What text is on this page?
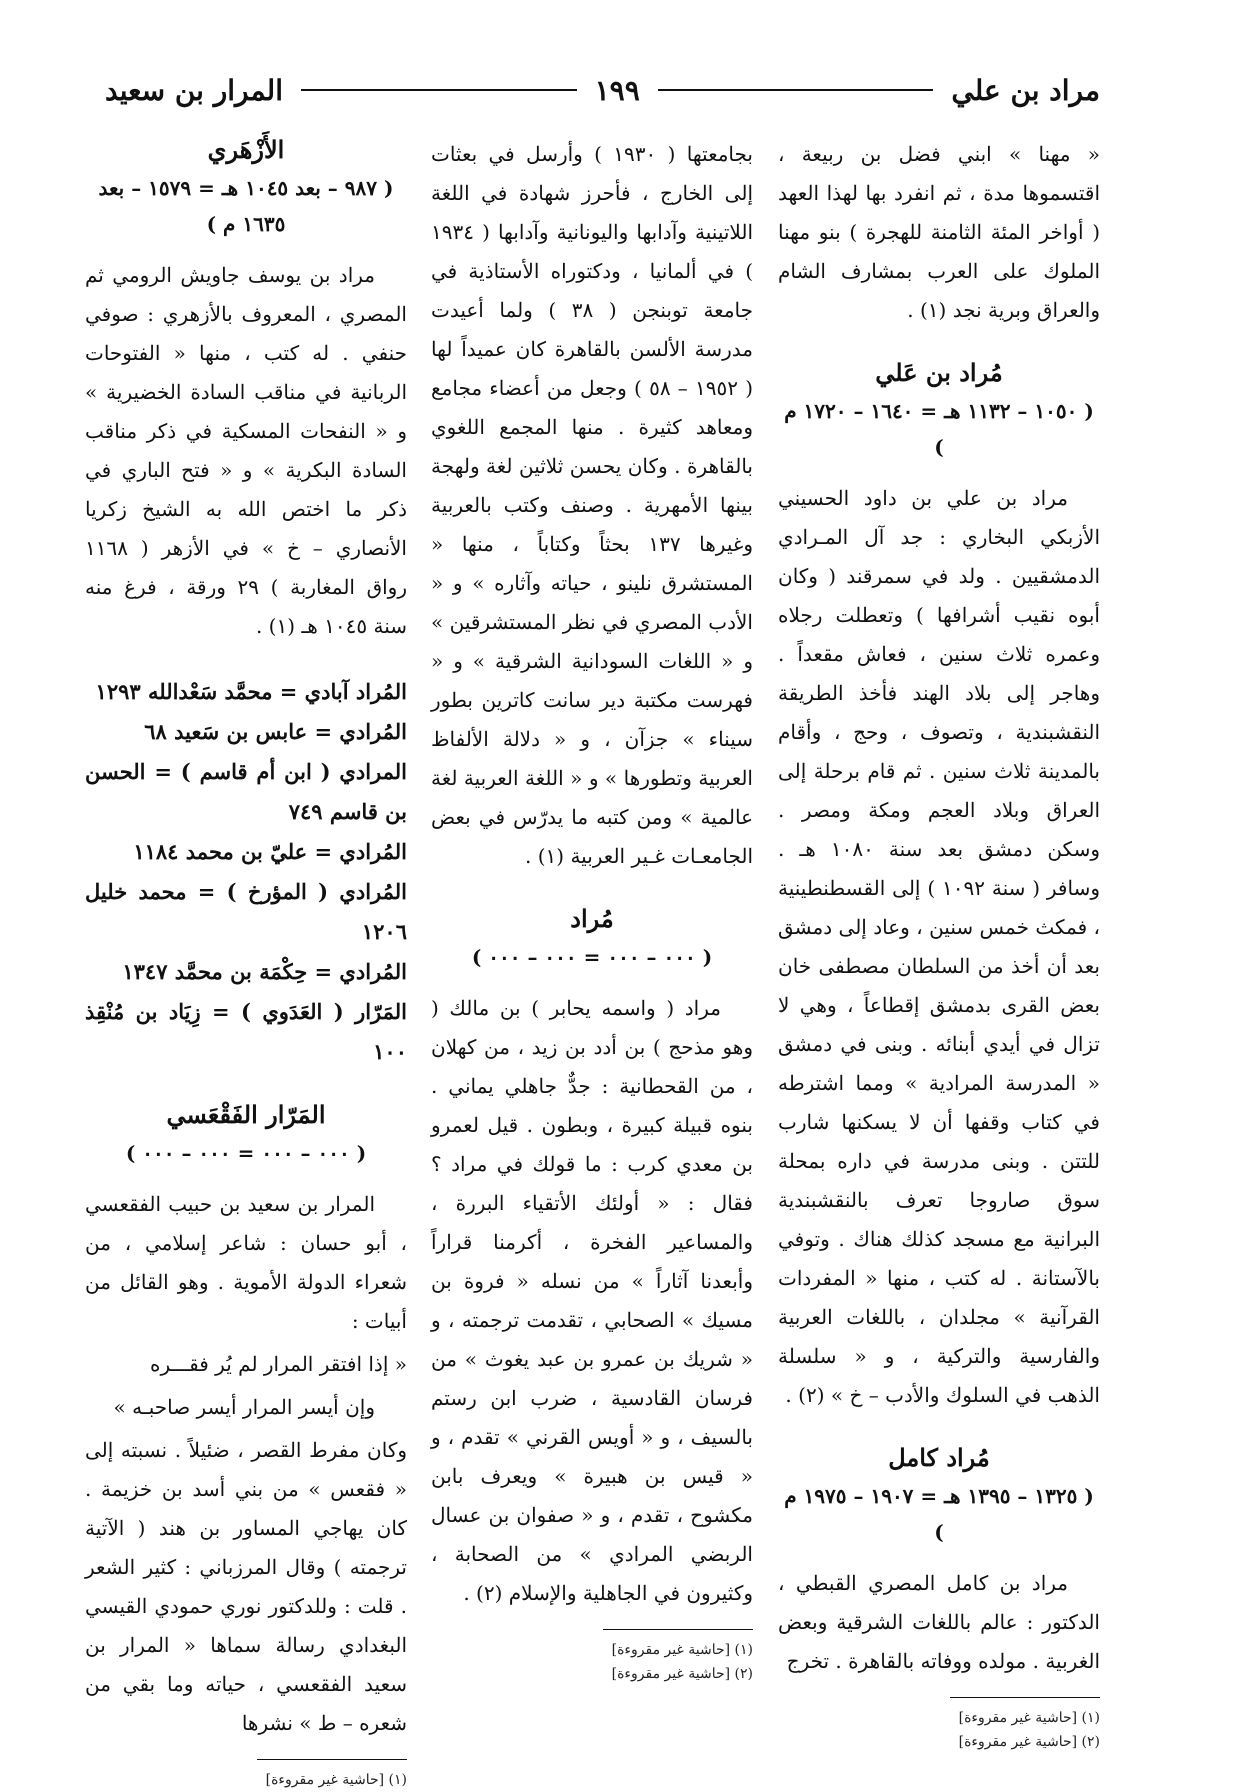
مراد بن علي
١٩٩
المرار بن سعيد

« مهنا » ابني فضل بن ربيعة ، اقتسموها مدة ، ثم انفرد بها لهذا العهد ( أواخر المئة الثامنة للهجرة ) بنو مهنا الملوك على العرب بمشارف الشام والعراق وبرية نجد (١) .

مُراد بن عَلي
( ١٠٥٠ – ١١٣٢ هـ = ١٦٤٠ – ١٧٢٠ م )

مراد بن علي بن داود الحسيني الأزبكي البخاري : جد آل المـرادي الدمشقيين . ولد في سمرقند ( وكان أبوه نقيب أشرافها ) وتعطلت رجلاه وعمره ثلاث سنين ، فعاش مقعداً . وهاجر إلى بلاد الهند فأخذ الطريقة النقشبندية ، وتصوف ، وحج ، وأقام بالمدينة ثلاث سنين . ثم قام برحلة إلى العراق وبلاد العجم ومكة ومصر . وسكن دمشق بعد سنة ١٠٨٠ هـ . وسافر ( سنة ١٠٩٢ ) إلى القسطنطينية ، فمكث خمس سنين ، وعاد إلى دمشق بعد أن أخذ من السلطان مصطفى خان بعض القرى بدمشق إقطاعاً ، وهي لا تزال في أيدي أبنائه . وبنى في دمشق « المدرسة المرادية » ومما اشترطه في كتاب وقفها أن لا يسكنها شارب للتتن . وبنى مدرسة في داره بمحلة سوق صاروجا تعرف بالنقشبندية البرانية مع مسجد كذلك هناك . وتوفي بالآستانة . له كتب ، منها « المفردات القرآنية » مجلدان ، باللغات العربية والفارسية والتركية ، و « سلسلة الذهب في السلوك والأدب – خ » (٢) .

مُراد كامل
( ١٣٢٥ – ١٣٩٥ هـ = ١٩٠٧ – ١٩٧٥ م )

مراد بن كامل المصري القبطي ، الدكتور : عالم باللغات الشرقية وبعض الغربية . مولده ووفاته بالقاهرة . تخرج

(١) [حاشية غير مقروءة]

(٢) [حاشية غير مقروءة]

بجامعتها ( ١٩٣٠ ) وأرسل في بعثات إلى الخارج ، فأحرز شهادة في اللغة اللاتينية وآدابها واليونانية وآدابها ( ١٩٣٤ ) في ألمانيا ، ودكتوراه الأستاذية في جامعة توبنجن ( ٣٨ ) ولما أعيدت مدرسة الألسن بالقاهرة كان عميداً لها ( ١٩٥٢ – ٥٨ ) وجعل من أعضاء مجامع ومعاهد كثيرة . منها المجمع اللغوي بالقاهرة . وكان يحسن ثلاثين لغة ولهجة بينها الأمهرية . وصنف وكتب بالعربية وغيرها ١٣٧ بحثاً وكتاباً ، منها « المستشرق نلينو ، حياته وآثاره » و « الأدب المصري في نظر المستشرقين » و « اللغات السودانية الشرقية » و « فهرست مكتبة دير سانت كاترين بطور سيناء » جزآن ، و « دلالة الألفاظ العربية وتطورها » و « اللغة العربية لغة عالمية » ومن كتبه ما يدرّس في بعض الجامعـات غـير العربية (١) .

مُراد
( ٠٠٠ – ٠٠٠ = ٠٠٠ – ٠٠٠ )

مراد ( واسمه يحابر ) بن مالك ( وهو مذحج ) بن أدد بن زيد ، من كهلان ، من القحطانية : جدٌّ جاهلي يماني . بنوه قبيلة كبيرة ، وبطون . قيل لعمرو بن معدي كرب : ما قولك في مراد ؟ فقال : « أولئك الأتقياء البررة ، والمساعير الفخرة ، أكرمنا قراراً وأبعدنا آثاراً » من نسله « فروة بن مسيك » الصحابي ، تقدمت ترجمته ، و « شريك بن عمرو بن عبد يغوث » من فرسان القادسية ، ضرب ابن رستم بالسيف ، و « أويس القرني » تقدم ، و « قيس بن هبيرة » ويعرف بابن مكشوح ، تقدم ، و « صفوان بن عسال الربضي المرادي » من الصحابة ، وكثيرون في الجاهلية والإسلام (٢) .

(١) [حاشية غير مقروءة]

(٢) [حاشية غير مقروءة]

الأَزْهَري
( ٩٨٧ – بعد ١٠٤٥ هـ = ١٥٧٩ – بعد ١٦٣٥ م )

مراد بن يوسف جاويش الرومي ثم المصري ، المعروف بالأزهري : صوفي حنفي . له كتب ، منها « الفتوحات الربانية في مناقب السادة الخضيرية » و « النفحات المسكية في ذكر مناقب السادة البكرية » و « فتح الباري في ذكر ما اختص الله به الشيخ زكريا الأنصاري – خ » في الأزهر ( ١١٦٨ رواق المغاربة ) ٢٩ ورقة ، فرغ منه سنة ١٠٤٥ هـ (١) .

المُراد آبادي = محمَّد سَعْدالله ١٢٩٣

المُرادي = عابس بن سَعيد ٦٨

المرادي ( ابن أم قاسم ) = الحسن بن قاسم ٧٤٩

المُرادي = عليّ بن محمد ١١٨٤

المُرادي ( المؤرخ ) = محمد خليل ١٢٠٦

المُرادي = حِكْمَة بن محمَّد ١٣٤٧

المَرّار ( العَدَوي ) = زِيَاد بن مُنْقِذ ١٠٠

المَرّار الفَقْعَسي
( ٠٠٠ – ٠٠٠ = ٠٠٠ – ٠٠٠ )

المرار بن سعيد بن حبيب الفقعسي ، أبو حسان : شاعر إسلامي ، من شعراء الدولة الأموية . وهو القائل من أبيات :

« إذا افتقر المرار لم يُر فقـــره

وإن أيسر المرار أيسر صاحبـه »

وكان مفرط القصر ، ضئيلاً . نسبته إلى « فقعس » من بني أسد بن خزيمة . كان يهاجي المساور بن هند ( الآتية ترجمته ) وقال المرزباني : كثير الشعر . قلت : وللدكتور نوري حمودي القيسي البغدادي رسالة سماها « المرار بن سعيد الفقعسي ، حياته وما بقي من شعره – ط » نشرها

(١) [حاشية غير مقروءة]
